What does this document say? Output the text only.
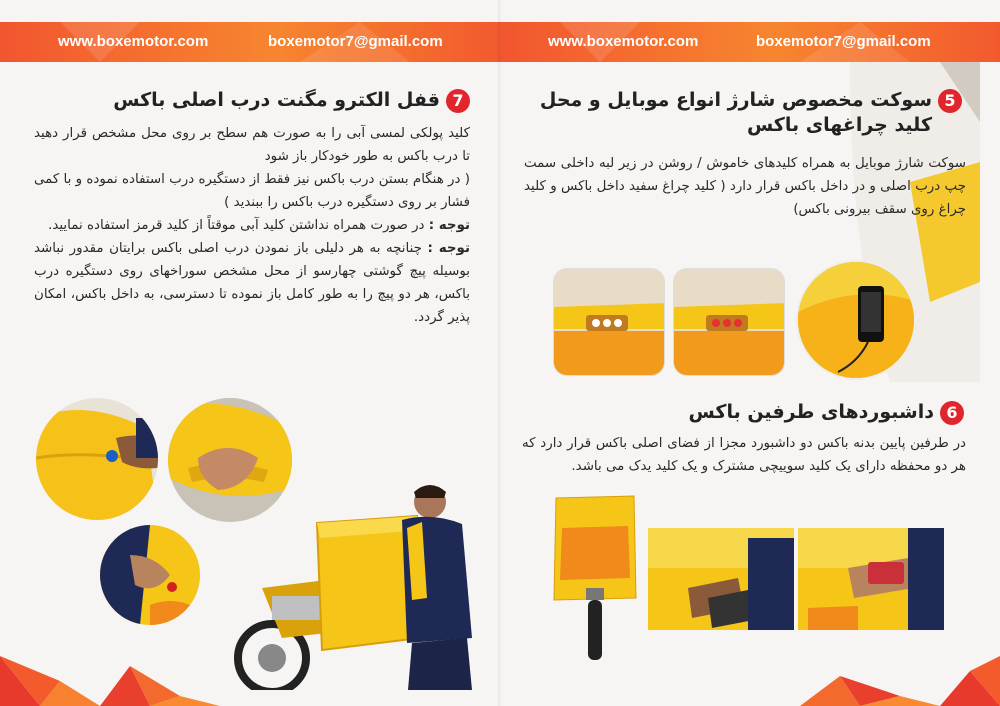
www.boxemotor.com	boxemotor7@gmail.com
7قفل الکترو مگنت درب اصلی باکس
کلید پولکی لمسی آبی را به صورت هم سطح بر روی محل مشخص قرار دهید تا درب باکس به طور خودکار باز شود
( در هنگام بستن درب باکس نیز فقط از دستگیره درب استفاده نموده و با کمی فشار بر روی دستگیره درب باکس را ببندید )
توجه : در صورت همراه نداشتن کلید آبی موقتاً از کلید قرمز استفاده نمایید.
توجه : چنانچه به هر دلیلی باز نمودن درب اصلی باکس برایتان مقدور نباشد بوسیله پیچ گوشتی چهارسو از محل مشخص سوراخهای روی دستگیره درب باکس، هر دو پیچ را به طور کامل باز نموده تا دسترسی، به داخل باکس، امکان پذیر گردد.
www.boxemotor.com	boxemotor7@gmail.com
5سوکت مخصوص شارژ انواع موبایل و محل
کلید چراغهای باکس
سوکت شارژ موبایل به همراه کلیدهای خاموش / روشن در زیر لبه داخلی سمت چپ درب اصلی و در داخل باکس قرار دارد ( کلید چراغ سفید داخل باکس و کلید چراغ روی سقف بیرونی باکس)
6داشبوردهای طرفین باکس
در طرفین پایین بدنه باکس دو داشبورد مجزا از فضای اصلی باکس قرار دارد که هر دو محفظه دارای یک کلید سوییچی مشترک و یک کلید یدک می باشد.
